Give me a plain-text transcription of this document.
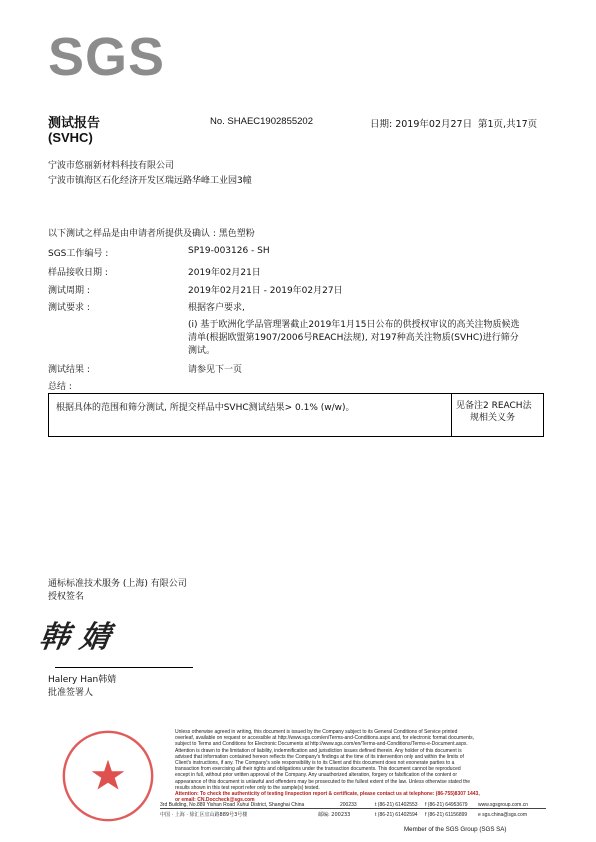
SGS
测试报告
(SVHC)
No. SHAEC1902855202	日期: 2019年02月27日 第1页,共17页
宁波市悠丽新材料科技有限公司
宁波市镇海区石化经济开发区瑞远路华峰工业园3幢
以下测试之样品是由申请者所提供及确认 : 黑色塑粉
SGS工作编号 :	SP19-003126 - SH
样品接收日期 :	2019年02月21日
测试周期 :	2019年02月21日 - 2019年02月27日
测试要求 :	根据客户要求,
(i) 基于欧洲化学品管理署截止2019年1月15日公布的供授权审议的高关注物质候选
清单(根据欧盟第1907/2006号REACH法规), 对197种高关注物质(SVHC)进行筛分
测试。
测试结果 :	请参见下一页
总结 :
根据具体的范围和筛分测试, 所提交样品中SVHC测试结果> 0.1% (w/w)。	见备注2 REACH法
规相关义务
通标标准技术服务 (上海) 有限公司
授权签名
韩 婧
Halery Han韩婧
批准签署人
Unless otherwise agreed in writing, this document is issued by the Company subject to its General Conditions of Service printed
overleaf, available on request or accessible at http://www.sgs.com/en/Terms-and-Conditions.aspx and, for electronic format documents,
subject to Terms and Conditions for Electronic Documents at http://www.sgs.com/en/Terms-and-Conditions/Terms-e-Document.aspx.
Attention is drawn to the limitation of liability, indemnification and jurisdiction issues defined therein. Any holder of this document is
advised that information contained hereon reflects the Company's findings at the time of its intervention only and within the limits of
Client's instructions, if any. The Company's sole responsibility is to its Client and this document does not exonerate parties to a
transaction from exercising all their rights and obligations under the transaction documents. This document cannot be reproduced
except in full, without prior written approval of the Company. Any unauthorized alteration, forgery or falsification of the content or
appearance of this document is unlawful and offenders may be prosecuted to the fullest extent of the law. Unless otherwise stated the
results shown in this test report refer only to the sample(s) tested.
Attention: To check the authenticity of testing /inspection report & certificate, please contact us at telephone: (86-755)8307 1443,
or email: CN.Doccheck@sgs.com
3rd Building, No.889 Yishan Road Xuhui District, Shanghai China	200233	t (86-21) 61402553 f (86-21) 64953679 www.sgsgroup.com.cn
中国 · 上海 · 徐汇区宜山路889号3号楼	邮编: 200233	t (86-21) 61402594 f (86-21) 61156899 e sgs.china@sgs.com
Member of the SGS Group (SGS SA)
